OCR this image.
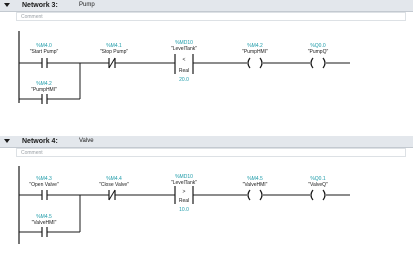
Network 3:	Pump
Comment
%M4.0
"Start Pump"
%M4.2
"PumpHMI"
%M4.1
"Stop Pump"
%MD10
"LevelTank"
<
Real
20.0
%M4.2
"PumpHMI"
%Q0.0
"PumpQ"
Network 4:	Valve
Comment
%M4.3
"Open Valve"
%M4.5
"ValveHMI"
%M4.4
"Close Valve"
%MD10
"LevelTank"
>
Real
10.0
%M4.5
"ValveHMI"
%Q0.1
"ValveQ"
